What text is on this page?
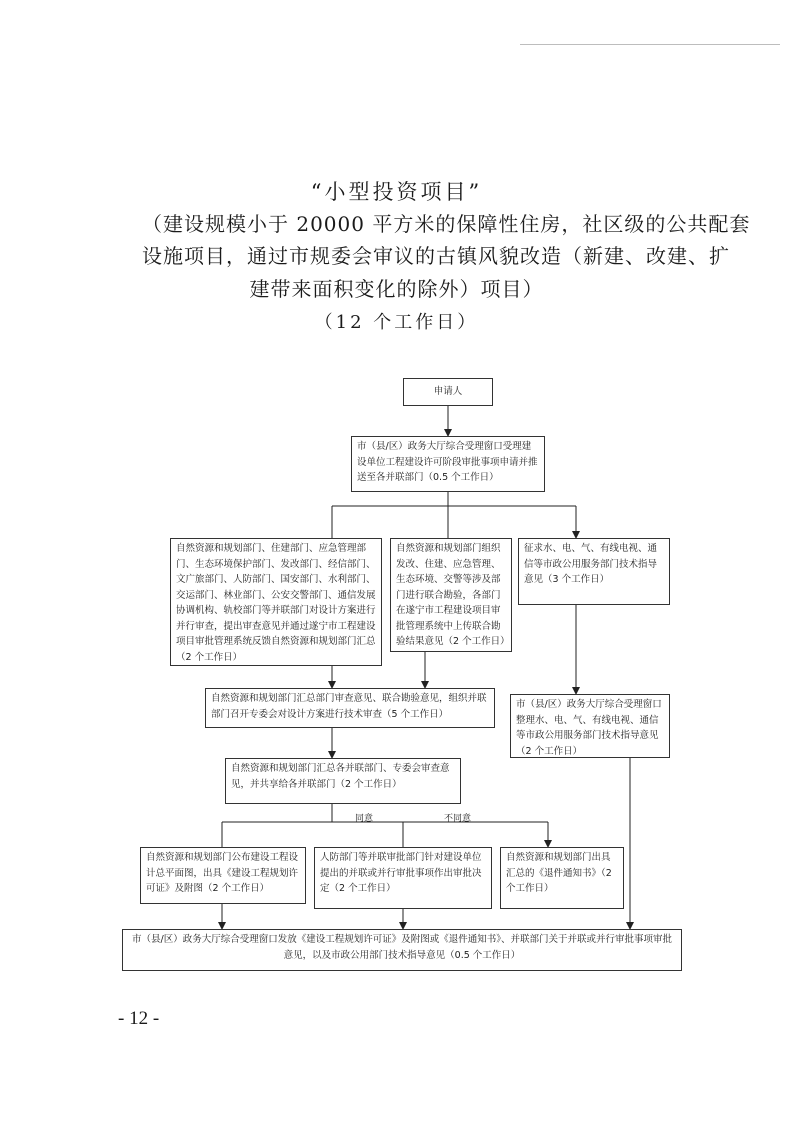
“小型投资项目”
（建设规模小于 20000 平方米的保障性住房，社区级的公共配套
设施项目，通过市规委会审议的古镇风貌改造（新建、改建、扩
建带来面积变化的除外）项目）
（12 个工作日）
申请人
市（县/区）政务大厅综合受理窗口受理建设单位工程建设许可阶段审批事项申请并推送至各并联部门（0.5 个工作日）
自然资源和规划部门、住建部门、应急管理部门、生态环境保护部门、发改部门、经信部门、文广旅部门、人防部门、国安部门、水利部门、交运部门、林业部门、公安交警部门、通信发展协调机构、轨校部门等并联部门对设计方案进行并行审查，提出审查意见并通过遂宁市工程建设项目审批管理系统反馈自然资源和规划部门汇总（2 个工作日）
自然资源和规划部门组织发改、住建、应急管理、生态环境、交警等涉及部门进行联合勘验，各部门在遂宁市工程建设项目审批管理系统中上传联合勘验结果意见（2 个工作日）
征求水、电、气、有线电视、通信等市政公用服务部门技术指导意见（3 个工作日）
自然资源和规划部门汇总部门审查意见、联合勘验意见，组织并联部门召开专委会对设计方案进行技术审查（5 个工作日）
市（县/区）政务大厅综合受理窗口整理水、电、气、有线电视、通信等市政公用服务部门技术指导意见（2 个工作日）
自然资源和规划部门汇总各并联部门、专委会审查意见，并共享给各并联部门（2 个工作日）
同意	不同意
自然资源和规划部门公布建设工程设计总平面图，出具《建设工程规划许可证》及附图（2 个工作日）
人防部门等并联审批部门针对建设单位提出的并联或并行审批事项作出审批决定（2 个工作日）
自然资源和规划部门出具汇总的《退件通知书》（2 个工作日）
市（县/区）政务大厅综合受理窗口发放《建设工程规划许可证》及附图或《退件通知书》、并联部门关于并联或并行审批事项审批意见，以及市政公用部门技术指导意见（0.5 个工作日）
- 12 -
